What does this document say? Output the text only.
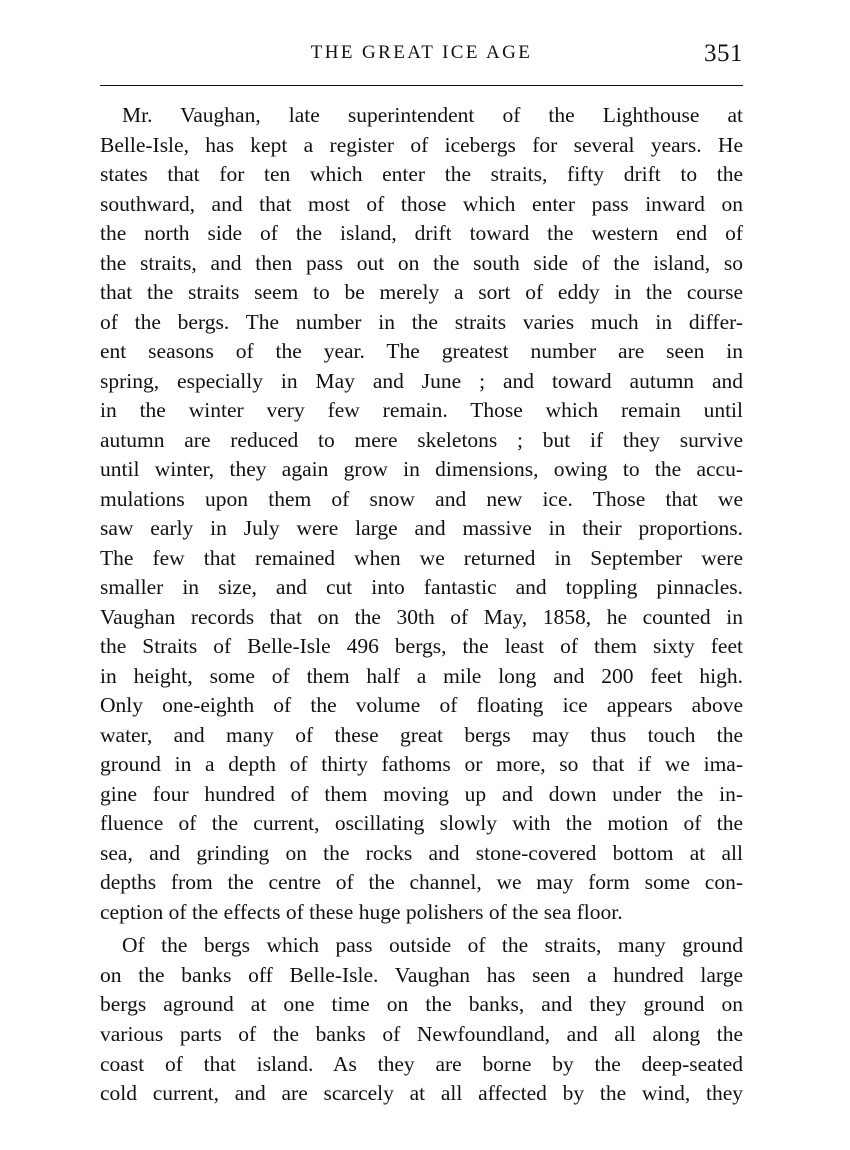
THE GREAT ICE AGE	351
Mr. Vaughan, late superintendent of the Lighthouse at
Belle-Isle, has kept a register of icebergs for several years. He
states that for ten which enter the straits, fifty drift to the
southward, and that most of those which enter pass inward on
the north side of the island, drift toward the western end of
the straits, and then pass out on the south side of the island, so
that the straits seem to be merely a sort of eddy in the course
of the bergs. The number in the straits varies much in differ-
ent seasons of the year. The greatest number are seen in
spring, especially in May and June ; and toward autumn and
in the winter very few remain. Those which remain until
autumn are reduced to mere skeletons ; but if they survive
until winter, they again grow in dimensions, owing to the accu-
mulations upon them of snow and new ice. Those that we
saw early in July were large and massive in their proportions.
The few that remained when we returned in September were
smaller in size, and cut into fantastic and toppling pinnacles.
Vaughan records that on the 30th of May, 1858, he counted in
the Straits of Belle-Isle 496 bergs, the least of them sixty feet
in height, some of them half a mile long and 200 feet high.
Only one-eighth of the volume of floating ice appears above
water, and many of these great bergs may thus touch the
ground in a depth of thirty fathoms or more, so that if we ima-
gine four hundred of them moving up and down under the in-
fluence of the current, oscillating slowly with the motion of the
sea, and grinding on the rocks and stone-covered bottom at all
depths from the centre of the channel, we may form some con-
ception of the effects of these huge polishers of the sea floor.
Of the bergs which pass outside of the straits, many ground
on the banks off Belle-Isle. Vaughan has seen a hundred large
bergs aground at one time on the banks, and they ground on
various parts of the banks of Newfoundland, and all along the
coast of that island. As they are borne by the deep-seated
cold current, and are scarcely at all affected by the wind, they
